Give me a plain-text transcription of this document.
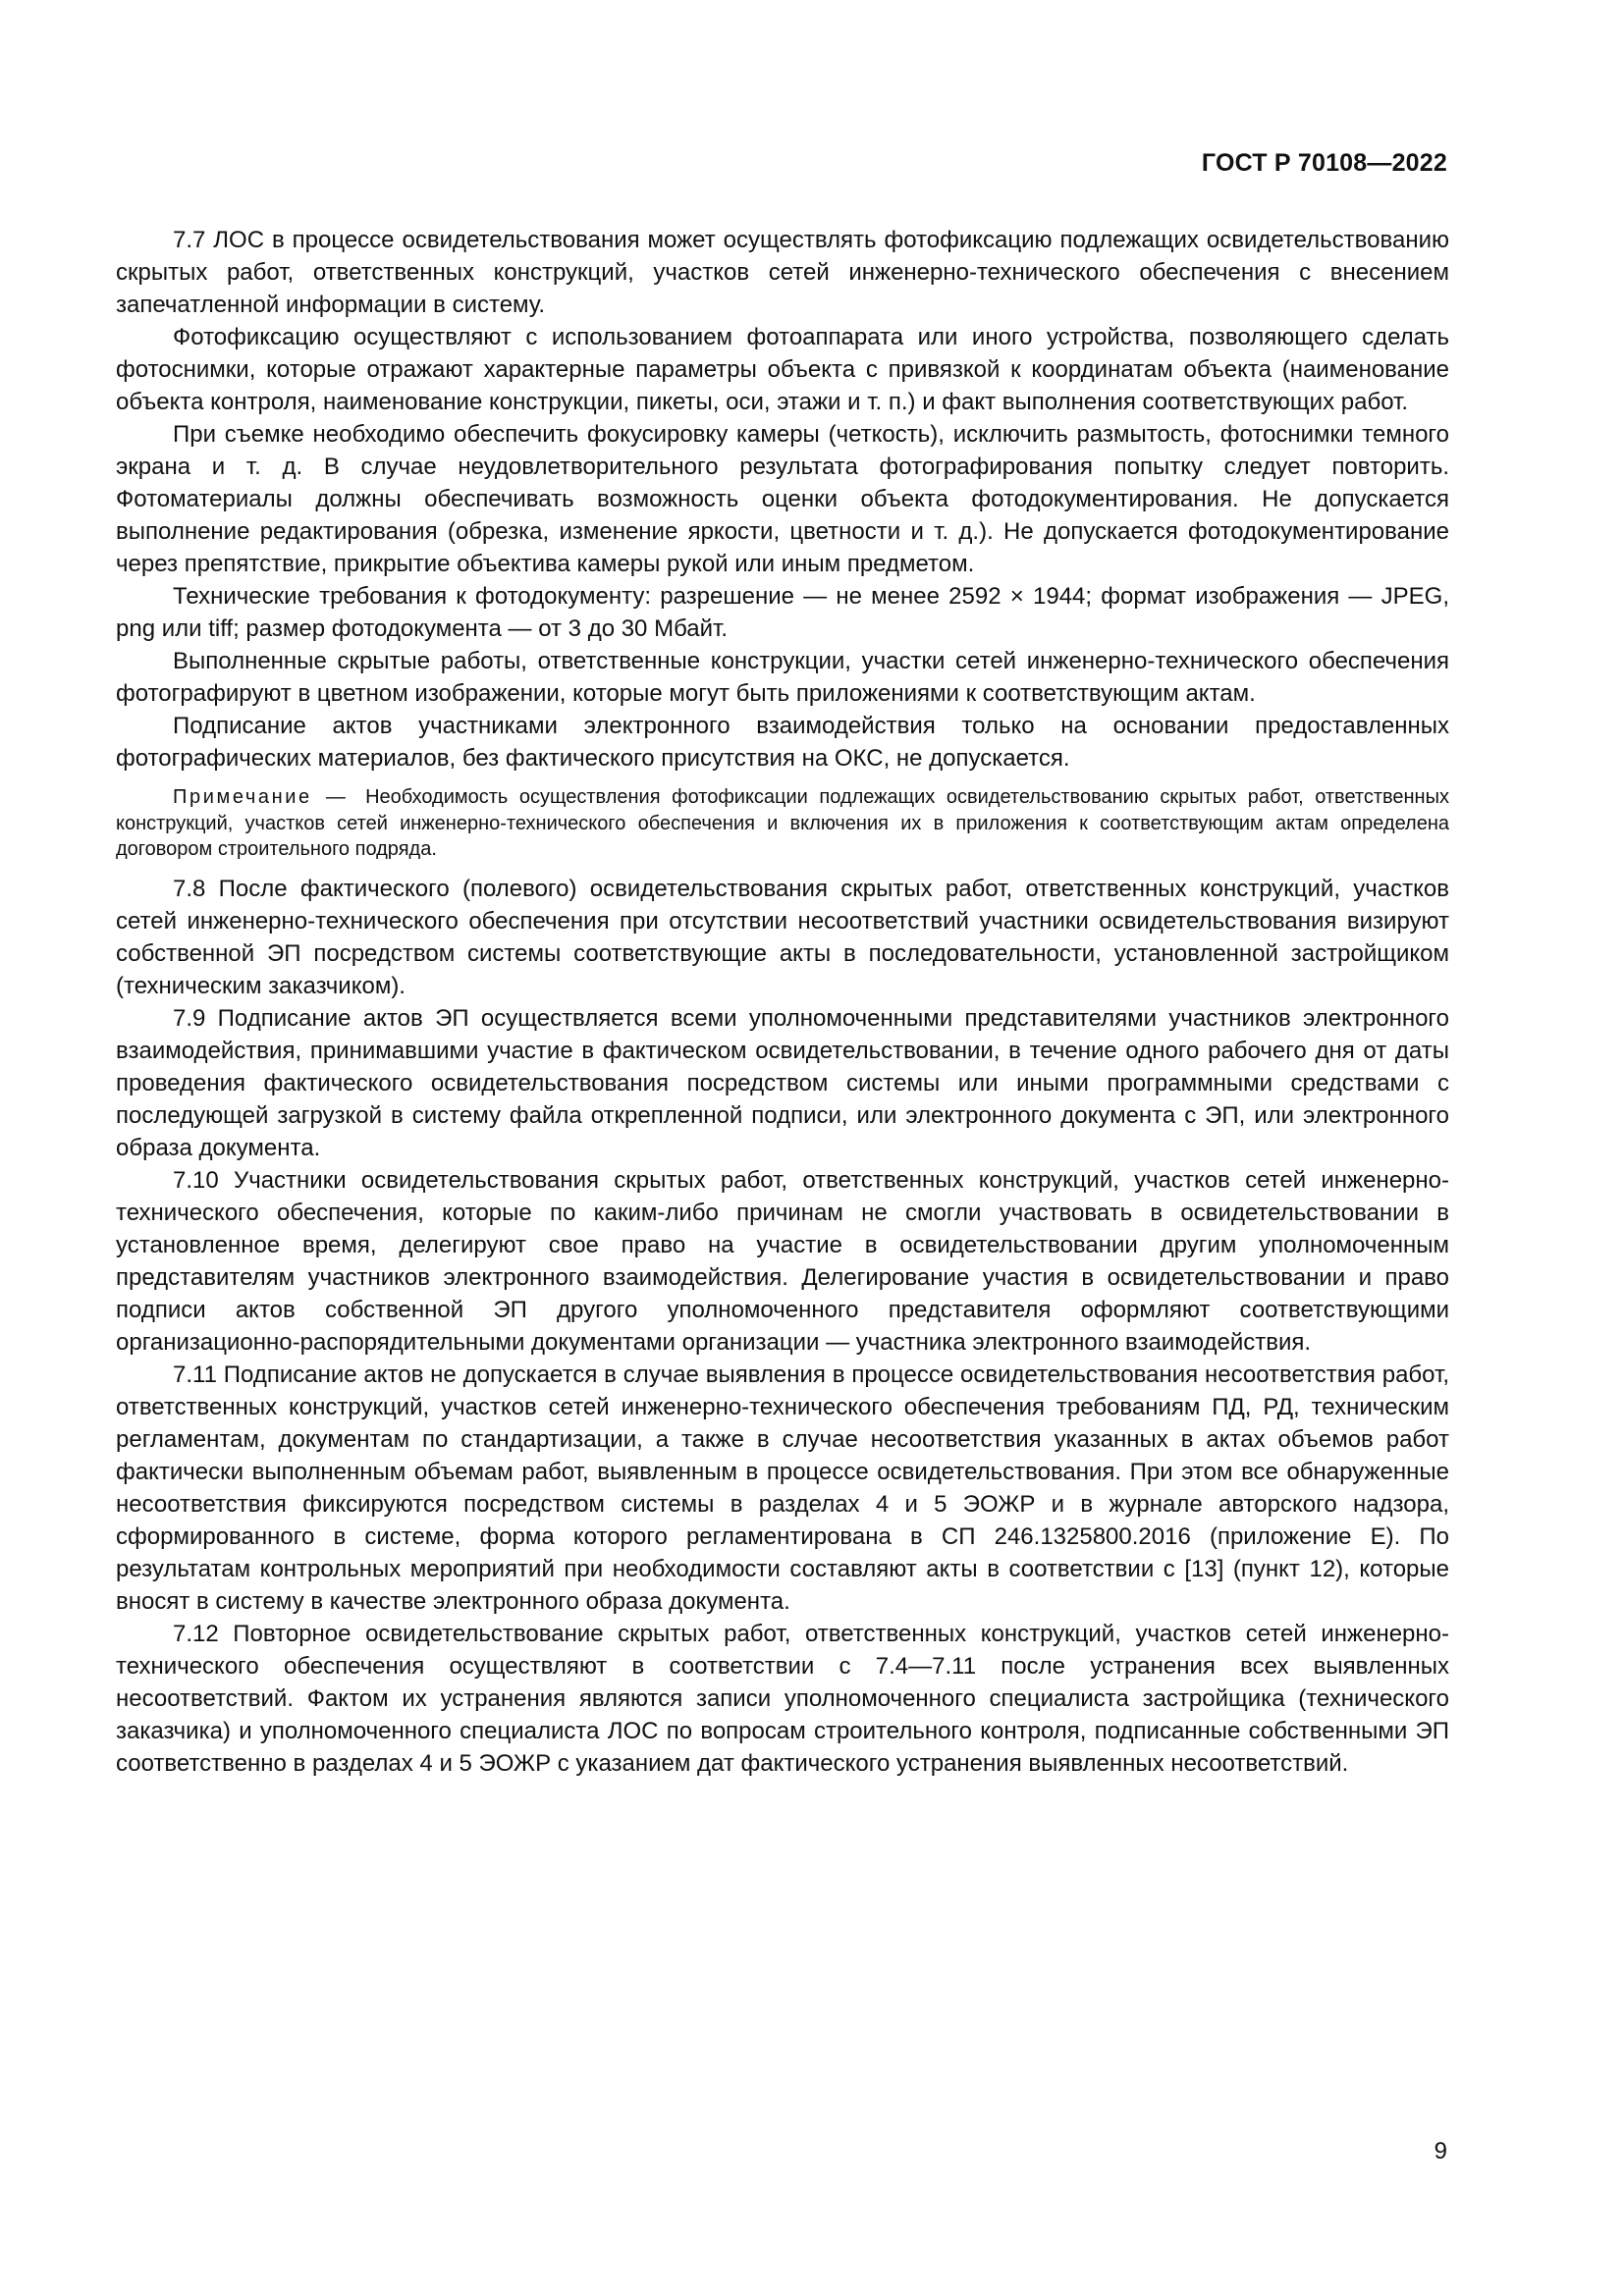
ГОСТ Р 70108—2022

7.7 ЛОС в процессе освидетельствования может осуществлять фотофиксацию подлежащих освидетельствованию скрытых работ, ответственных конструкций, участков сетей инженерно-технического обеспечения с внесением запечатленной информации в систему.

Фотофиксацию осуществляют с использованием фотоаппарата или иного устройства, позволяющего сделать фотоснимки, которые отражают характерные параметры объекта с привязкой к координатам объекта (наименование объекта контроля, наименование конструкции, пикеты, оси, этажи и т. п.) и факт выполнения соответствующих работ.

При съемке необходимо обеспечить фокусировку камеры (четкость), исключить размытость, фотоснимки темного экрана и т. д. В случае неудовлетворительного результата фотографирования попытку следует повторить. Фотоматериалы должны обеспечивать возможность оценки объекта фотодокументирования. Не допускается выполнение редактирования (обрезка, изменение яркости, цветности и т. д.). Не допускается фотодокументирование через препятствие, прикрытие объектива камеры рукой или иным предметом.

Технические требования к фотодокументу: разрешение — не менее 2592 × 1944; формат изображения — JPEG, png или tiff; размер фотодокумента — от 3 до 30 Мбайт.

Выполненные скрытые работы, ответственные конструкции, участки сетей инженерно-технического обеспечения фотографируют в цветном изображении, которые могут быть приложениями к соответствующим актам.

Подписание актов участниками электронного взаимодействия только на основании предоставленных фотографических материалов, без фактического присутствия на ОКС, не допускается.

Примечание — Необходимость осуществления фотофиксации подлежащих освидетельствованию скрытых работ, ответственных конструкций, участков сетей инженерно-технического обеспечения и включения их в приложения к соответствующим актам определена договором строительного подряда.

7.8 После фактического (полевого) освидетельствования скрытых работ, ответственных конструкций, участков сетей инженерно-технического обеспечения при отсутствии несоответствий участники освидетельствования визируют собственной ЭП посредством системы соответствующие акты в последовательности, установленной застройщиком (техническим заказчиком).

7.9 Подписание актов ЭП осуществляется всеми уполномоченными представителями участников электронного взаимодействия, принимавшими участие в фактическом освидетельствовании, в течение одного рабочего дня от даты проведения фактического освидетельствования посредством системы или иными программными средствами с последующей загрузкой в систему файла открепленной подписи, или электронного документа с ЭП, или электронного образа документа.

7.10 Участники освидетельствования скрытых работ, ответственных конструкций, участков сетей инженерно-технического обеспечения, которые по каким-либо причинам не смогли участвовать в освидетельствовании в установленное время, делегируют свое право на участие в освидетельствовании другим уполномоченным представителям участников электронного взаимодействия. Делегирование участия в освидетельствовании и право подписи актов собственной ЭП другого уполномоченного представителя оформляют соответствующими организационно-распорядительными документами организации — участника электронного взаимодействия.

7.11 Подписание актов не допускается в случае выявления в процессе освидетельствования несоответствия работ, ответственных конструкций, участков сетей инженерно-технического обеспечения требованиям ПД, РД, техническим регламентам, документам по стандартизации, а также в случае несоответствия указанных в актах объемов работ фактически выполненным объемам работ, выявленным в процессе освидетельствования. При этом все обнаруженные несоответствия фиксируются посредством системы в разделах 4 и 5 ЭОЖР и в журнале авторского надзора, сформированного в системе, форма которого регламентирована в СП 246.1325800.2016 (приложение Е). По результатам контрольных мероприятий при необходимости составляют акты в соответствии с [13] (пункт 12), которые вносят в систему в качестве электронного образа документа.

7.12 Повторное освидетельствование скрытых работ, ответственных конструкций, участков сетей инженерно-технического обеспечения осуществляют в соответствии с 7.4—7.11 после устранения всех выявленных несоответствий. Фактом их устранения являются записи уполномоченного специалиста застройщика (технического заказчика) и уполномоченного специалиста ЛОС по вопросам строительного контроля, подписанные собственными ЭП соответственно в разделах 4 и 5 ЭОЖР с указанием дат фактического устранения выявленных несоответствий.

9
